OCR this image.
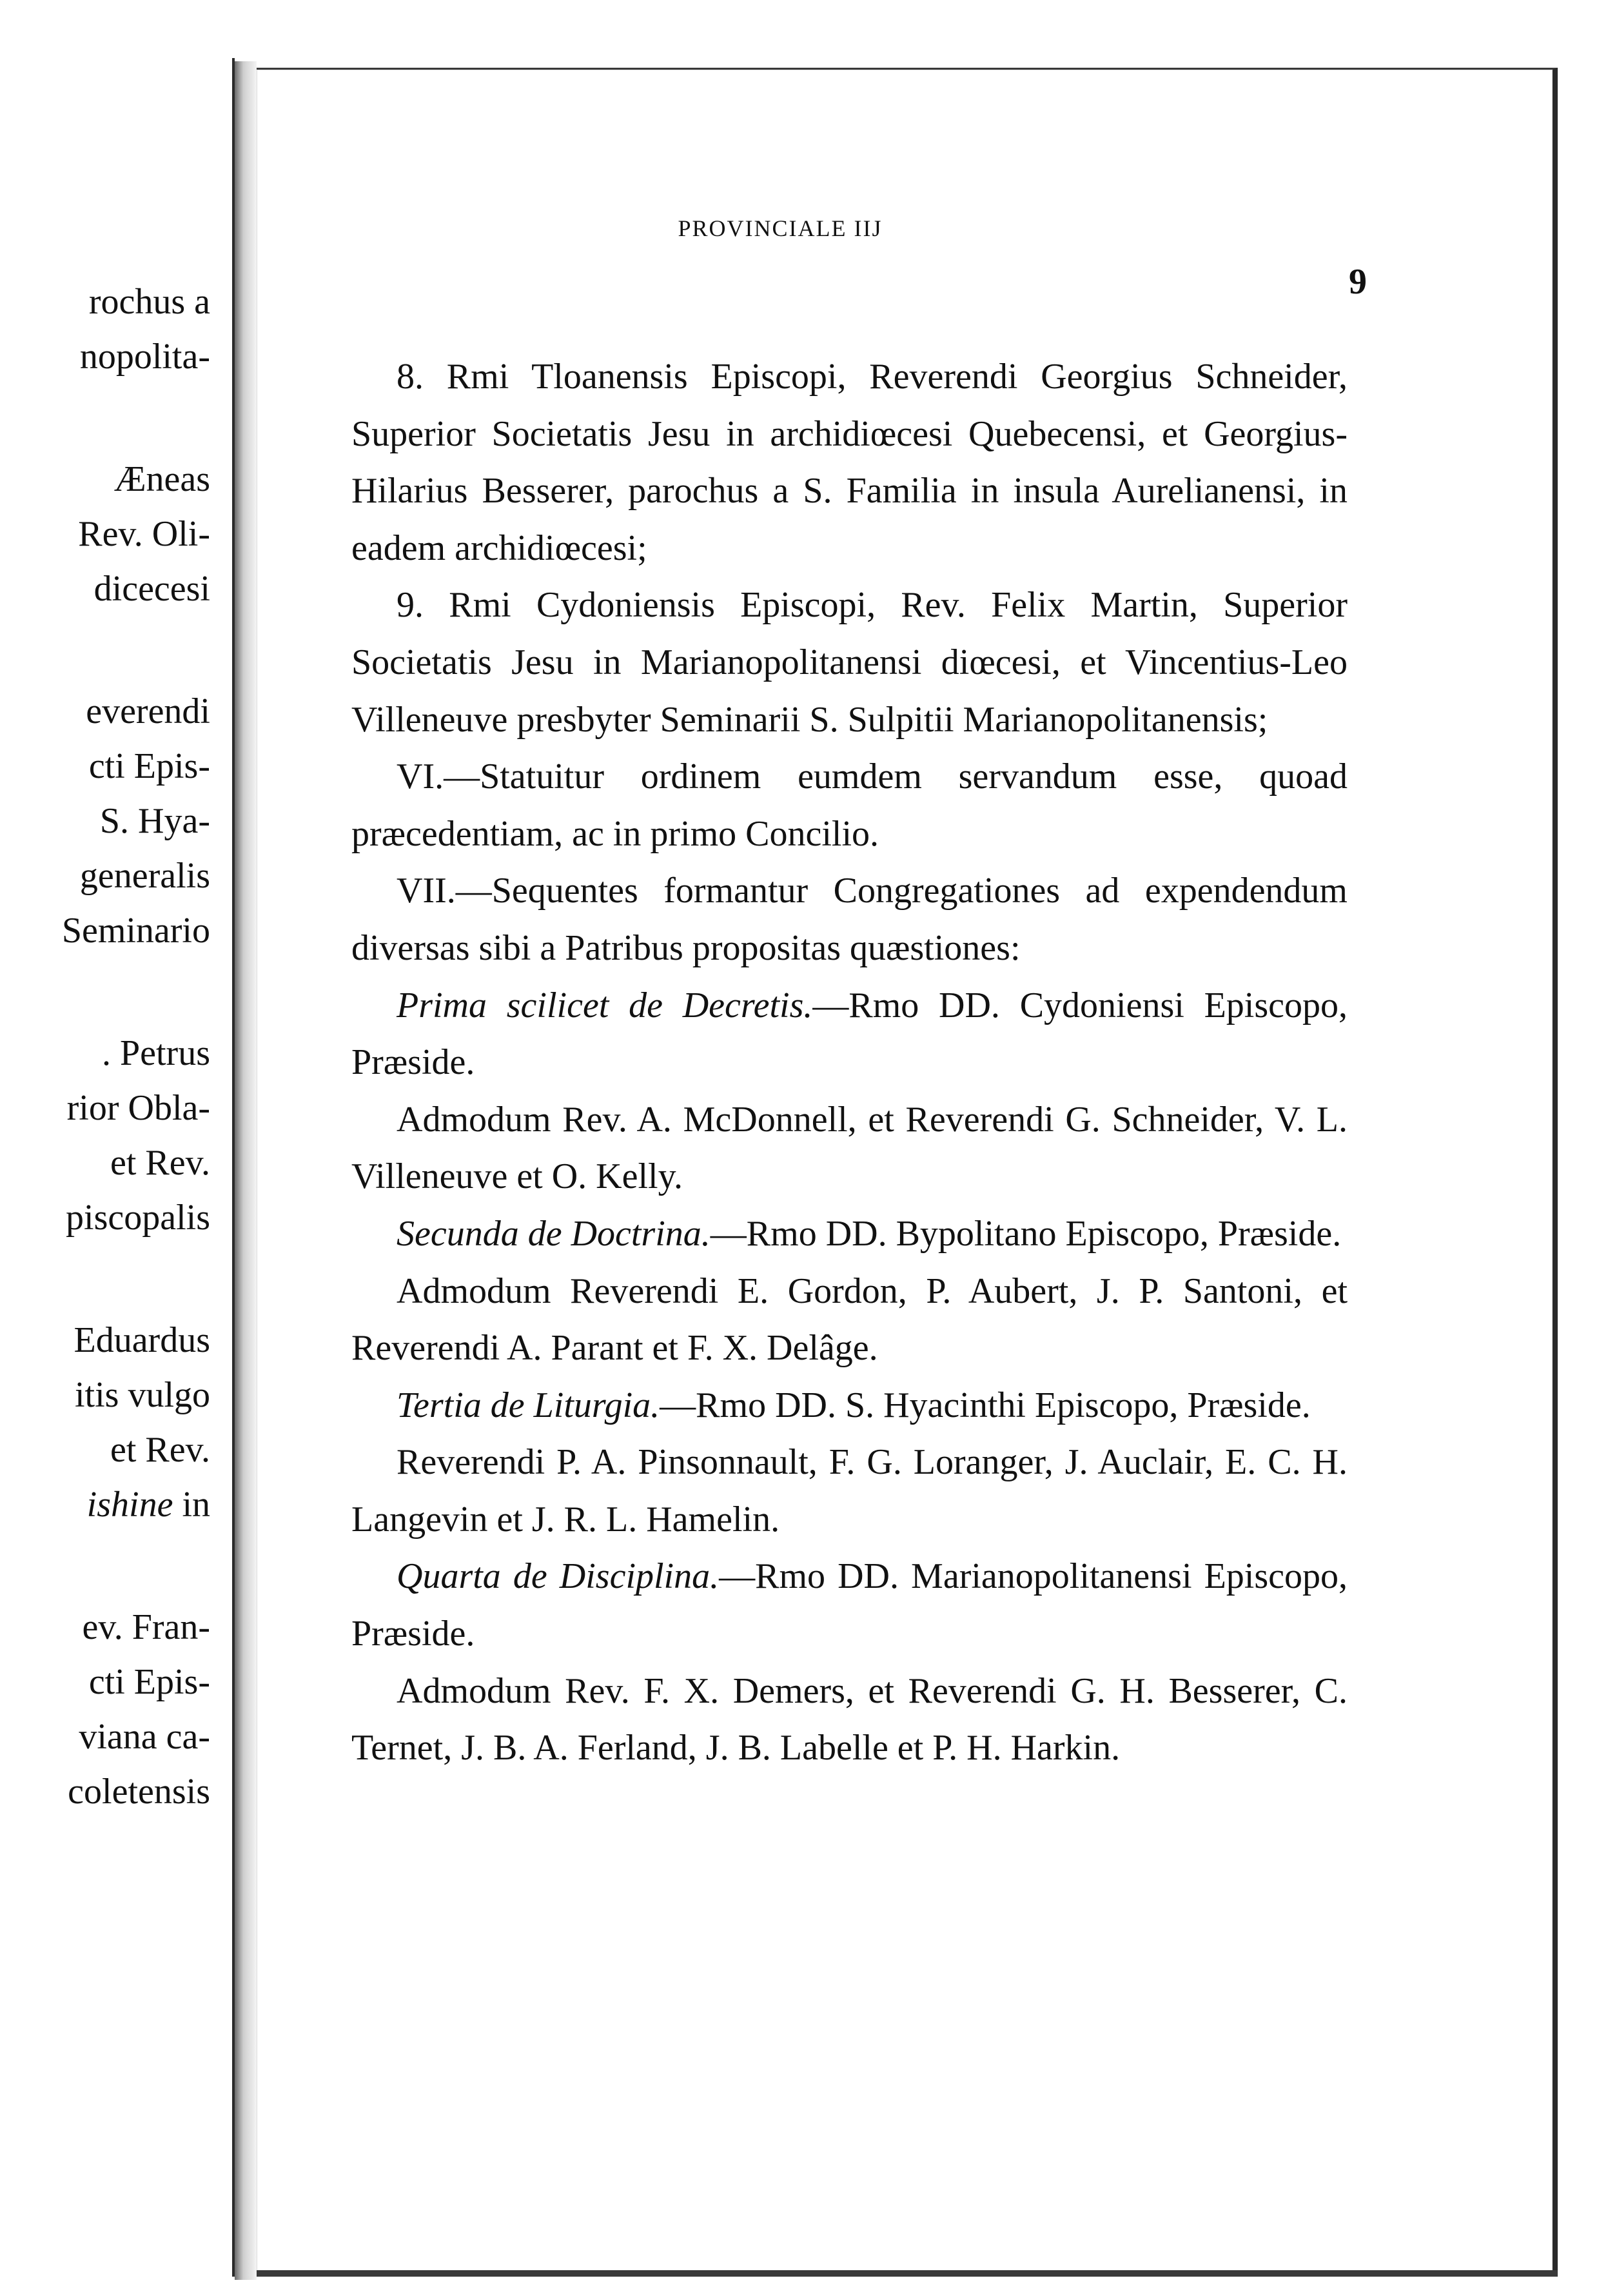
rochus a
nopolita-
Æneas
Rev. Oli-
dicecesi
everendi
cti Epis-
S. Hya-
generalis
Seminario
. Petrus
rior Obla-
et Rev.
piscopalis
Eduardus
itis vulgo
et Rev.
ishine in
ev. Fran-
cti Epis-
viana ca-
coletensis
PROVINCIALE IIJ
9

8. Rmi Tloanensis Episcopi, Reverendi Georgius Schneider, Superior Societatis Jesu in archidiœcesi Quebecensi, et Georgius-Hilarius Besserer, parochus a S. Familia in insula Aurelianensi, in eadem archidiœcesi;

9. Rmi Cydoniensis Episcopi, Rev. Felix Martin, Superior Societatis Jesu in Marianopolitanensi diœcesi, et Vincentius-Leo Villeneuve presbyter Seminarii S. Sulpitii Marianopolitanensis;

VI.—Statuitur ordinem eumdem servandum esse, quoad præcedentiam, ac in primo Concilio.

VII.—Sequentes formantur Congregationes ad expendendum diversas sibi a Patribus propositas quæstiones:

Prima scilicet de Decretis.—Rmo DD. Cydoniensi Episcopo, Præside.

Admodum Rev. A. McDonnell, et Reverendi G. Schneider, V. L. Villeneuve et O. Kelly.

Secunda de Doctrina.—Rmo DD. Bypolitano Episcopo, Præside.

Admodum Reverendi E. Gordon, P. Aubert, J. P. Santoni, et Reverendi A. Parant et F. X. Delâge.

Tertia de Liturgia.—Rmo DD. S. Hyacinthi Episcopo, Præside.

Reverendi P. A. Pinsonnault, F. G. Loranger, J. Auclair, E. C. H. Langevin et J. R. L. Hamelin.

Quarta de Disciplina.—Rmo DD. Marianopolitanensi Episcopo, Præside.

Admodum Rev. F. X. Demers, et Reverendi G. H. Besserer, C. Ternet, J. B. A. Ferland, J. B. Labelle et P. H. Harkin.
